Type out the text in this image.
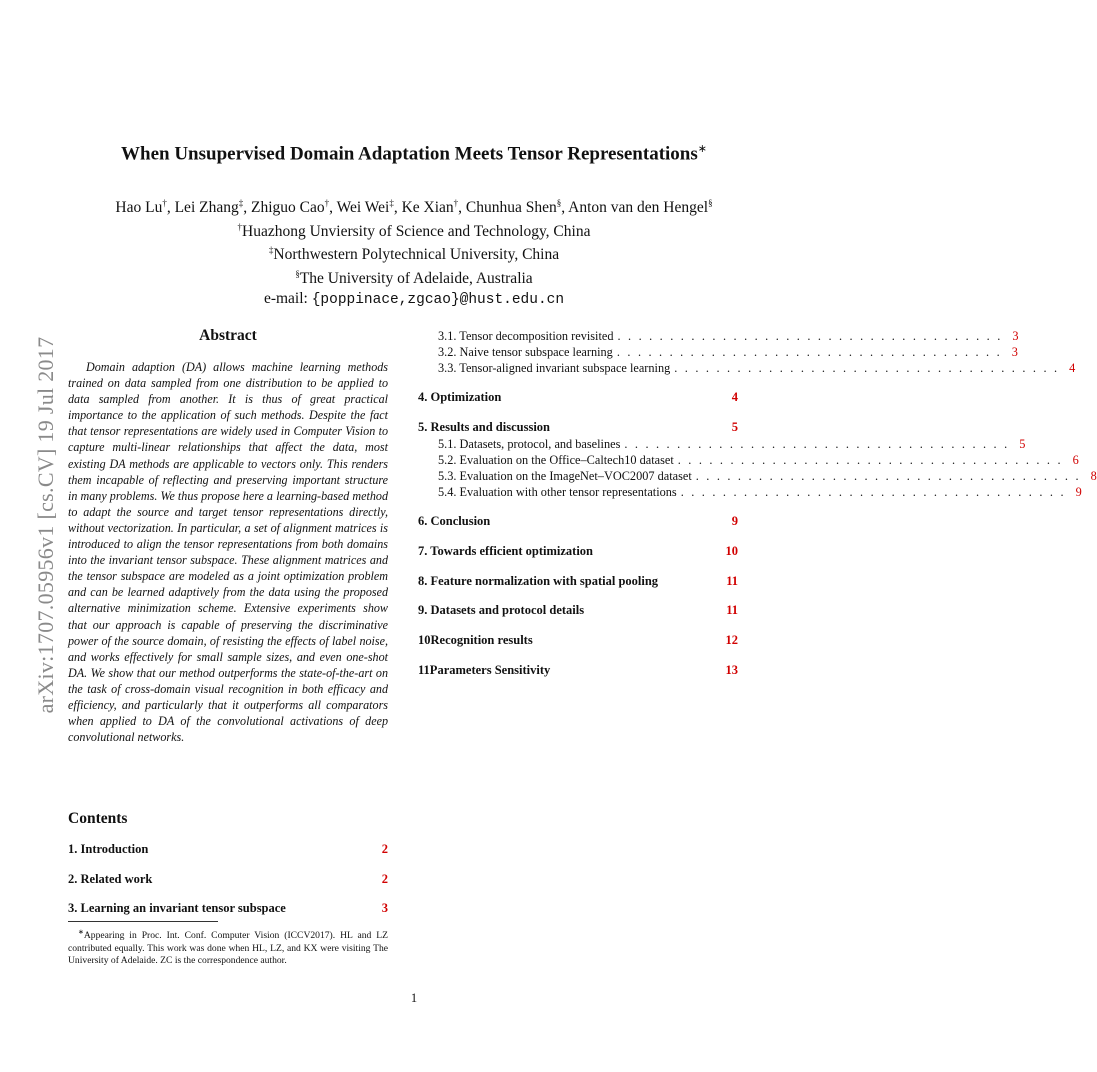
arXiv:1707.05956v1 [cs.CV] 19 Jul 2017
When Unsupervised Domain Adaptation Meets Tensor Representations∗
Hao Lu†, Lei Zhang‡, Zhiguo Cao†, Wei Wei‡, Ke Xian†, Chunhua Shen§, Anton van den Hengel§
†Huazhong Unviersity of Science and Technology, China
‡Northwestern Polytechnical University, China
§The University of Adelaide, Australia
e-mail: {poppinace,zgcao}@hust.edu.cn
Abstract
Domain adaption (DA) allows machine learning methods trained on data sampled from one distribution to be applied to data sampled from another. It is thus of great practical importance to the application of such methods. Despite the fact that tensor representations are widely used in Computer Vision to capture multi-linear relationships that affect the data, most existing DA methods are applicable to vectors only. This renders them incapable of reflecting and preserving important structure in many problems. We thus propose here a learning-based method to adapt the source and target tensor representations directly, without vectorization. In particular, a set of alignment matrices is introduced to align the tensor representations from both domains into the invariant tensor subspace. These alignment matrices and the tensor subspace are modeled as a joint optimization problem and can be learned adaptively from the data using the proposed alternative minimization scheme. Extensive experiments show that our approach is capable of preserving the discriminative power of the source domain, of resisting the effects of label noise, and works effectively for small sample sizes, and even one-shot DA. We show that our method outperforms the state-of-the-art on the task of cross-domain visual recognition in both efficacy and efficiency, and particularly that it outperforms all comparators when applied to DA of the convolutional activations of deep convolutional networks.
Contents
1. Introduction	2
2. Related work	2
3. Learning an invariant tensor subspace	3
3.1. Tensor decomposition revisited . . . . . . . . . . . . . . . . . . . . . . . . . . . . . . . . . . . . . 3
3.2. Naive tensor subspace learning . . . . . . . . . . . . . . . . . . . . . . . . . . . . . . . . . . . . . 3
3.3. Tensor-aligned invariant subspace learning . . . . . . . . . . . . . . . . . . . . . . . . . . . . . . . . . . . . . 4
4. Optimization	4
5. Results and discussion	5
5.1. Datasets, protocol, and baselines . . . . . . . . . . . . . . . . . . . . . . . . . . . . . . . . . . . . . 5
5.2. Evaluation on the Office–Caltech10 dataset . . . . . . . . . . . . . . . . . . . . . . . . . . . . . . . . . . . . . 6
5.3. Evaluation on the ImageNet–VOC2007 dataset . . . . . . . . . . . . . . . . . . . . . . . . . . . . . . . . . . . . . 8
5.4. Evaluation with other tensor representations . . . . . . . . . . . . . . . . . . . . . . . . . . . . . . . . . . . . . 9
6. Conclusion	9
7. Towards efficient optimization	10
8. Feature normalization with spatial pooling	11
9. Datasets and protocol details	11
10Recognition results	12
11Parameters Sensitivity	13
∗Appearing in Proc. Int. Conf. Computer Vision (ICCV2017). HL and LZ contributed equally. This work was done when HL, LZ, and KX were visiting The University of Adelaide. ZC is the correspondence author.
1
